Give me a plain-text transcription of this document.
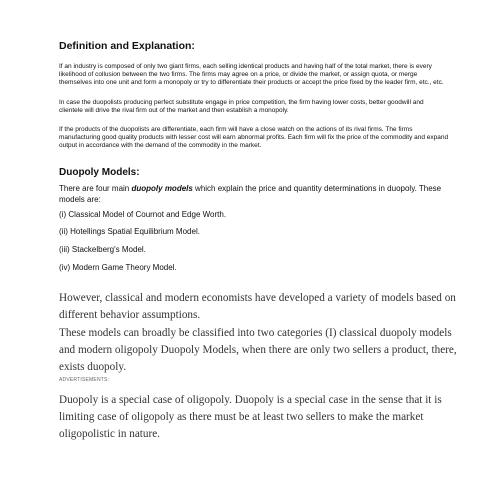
Definition and Explanation:

If an industry is composed of only two giant firms, each selling identical products and having half of the total market, there is every likelihood of collusion between the two firms. The firms may agree on a price, or divide the market, or assign quota, or merge themselves into one unit and form a monopoly or try to differentiate their products or accept the price fixed by the leader firm, etc., etc.

In case the duopolists producing perfect substitute engage in price competition, the firm having lower costs, better goodwill and clientele will drive the rival firm out of the market and then establish a monopoly.

If the products of the duopolists are differentiate, each firm will have a close watch on the actions of its rival firms. The firms manufacturing good quality products with lesser cost will earn abnormal profits. Each firm will fix the price of the commodity and expand output in accordance with the demand of the commodity in the market.

Duopoly Models:

There are four main duopoly models which explain the price and quantity determinations in duopoly. These models are:

(i) Classical Model of Cournot and Edge Worth.

(ii) Hotellings Spatial Equilibrium Model.

(iii) Stackelberg's Model.

(iv) Modern Game Theory Model.

However, classical and modern economists have developed a variety of models based on different behavior assumptions.

These models can broadly be classified into two categories (I) classical duopoly models and modern oligopoly Duopoly Models, when there are only two sellers a product, there, exists duopoly.

ADVERTISEMENTS:

Duopoly is a special case of oligopoly. Duopoly is a special case in the sense that it is limiting case of oligopoly as there must be at least two sellers to make the market oligopolistic in nature.
